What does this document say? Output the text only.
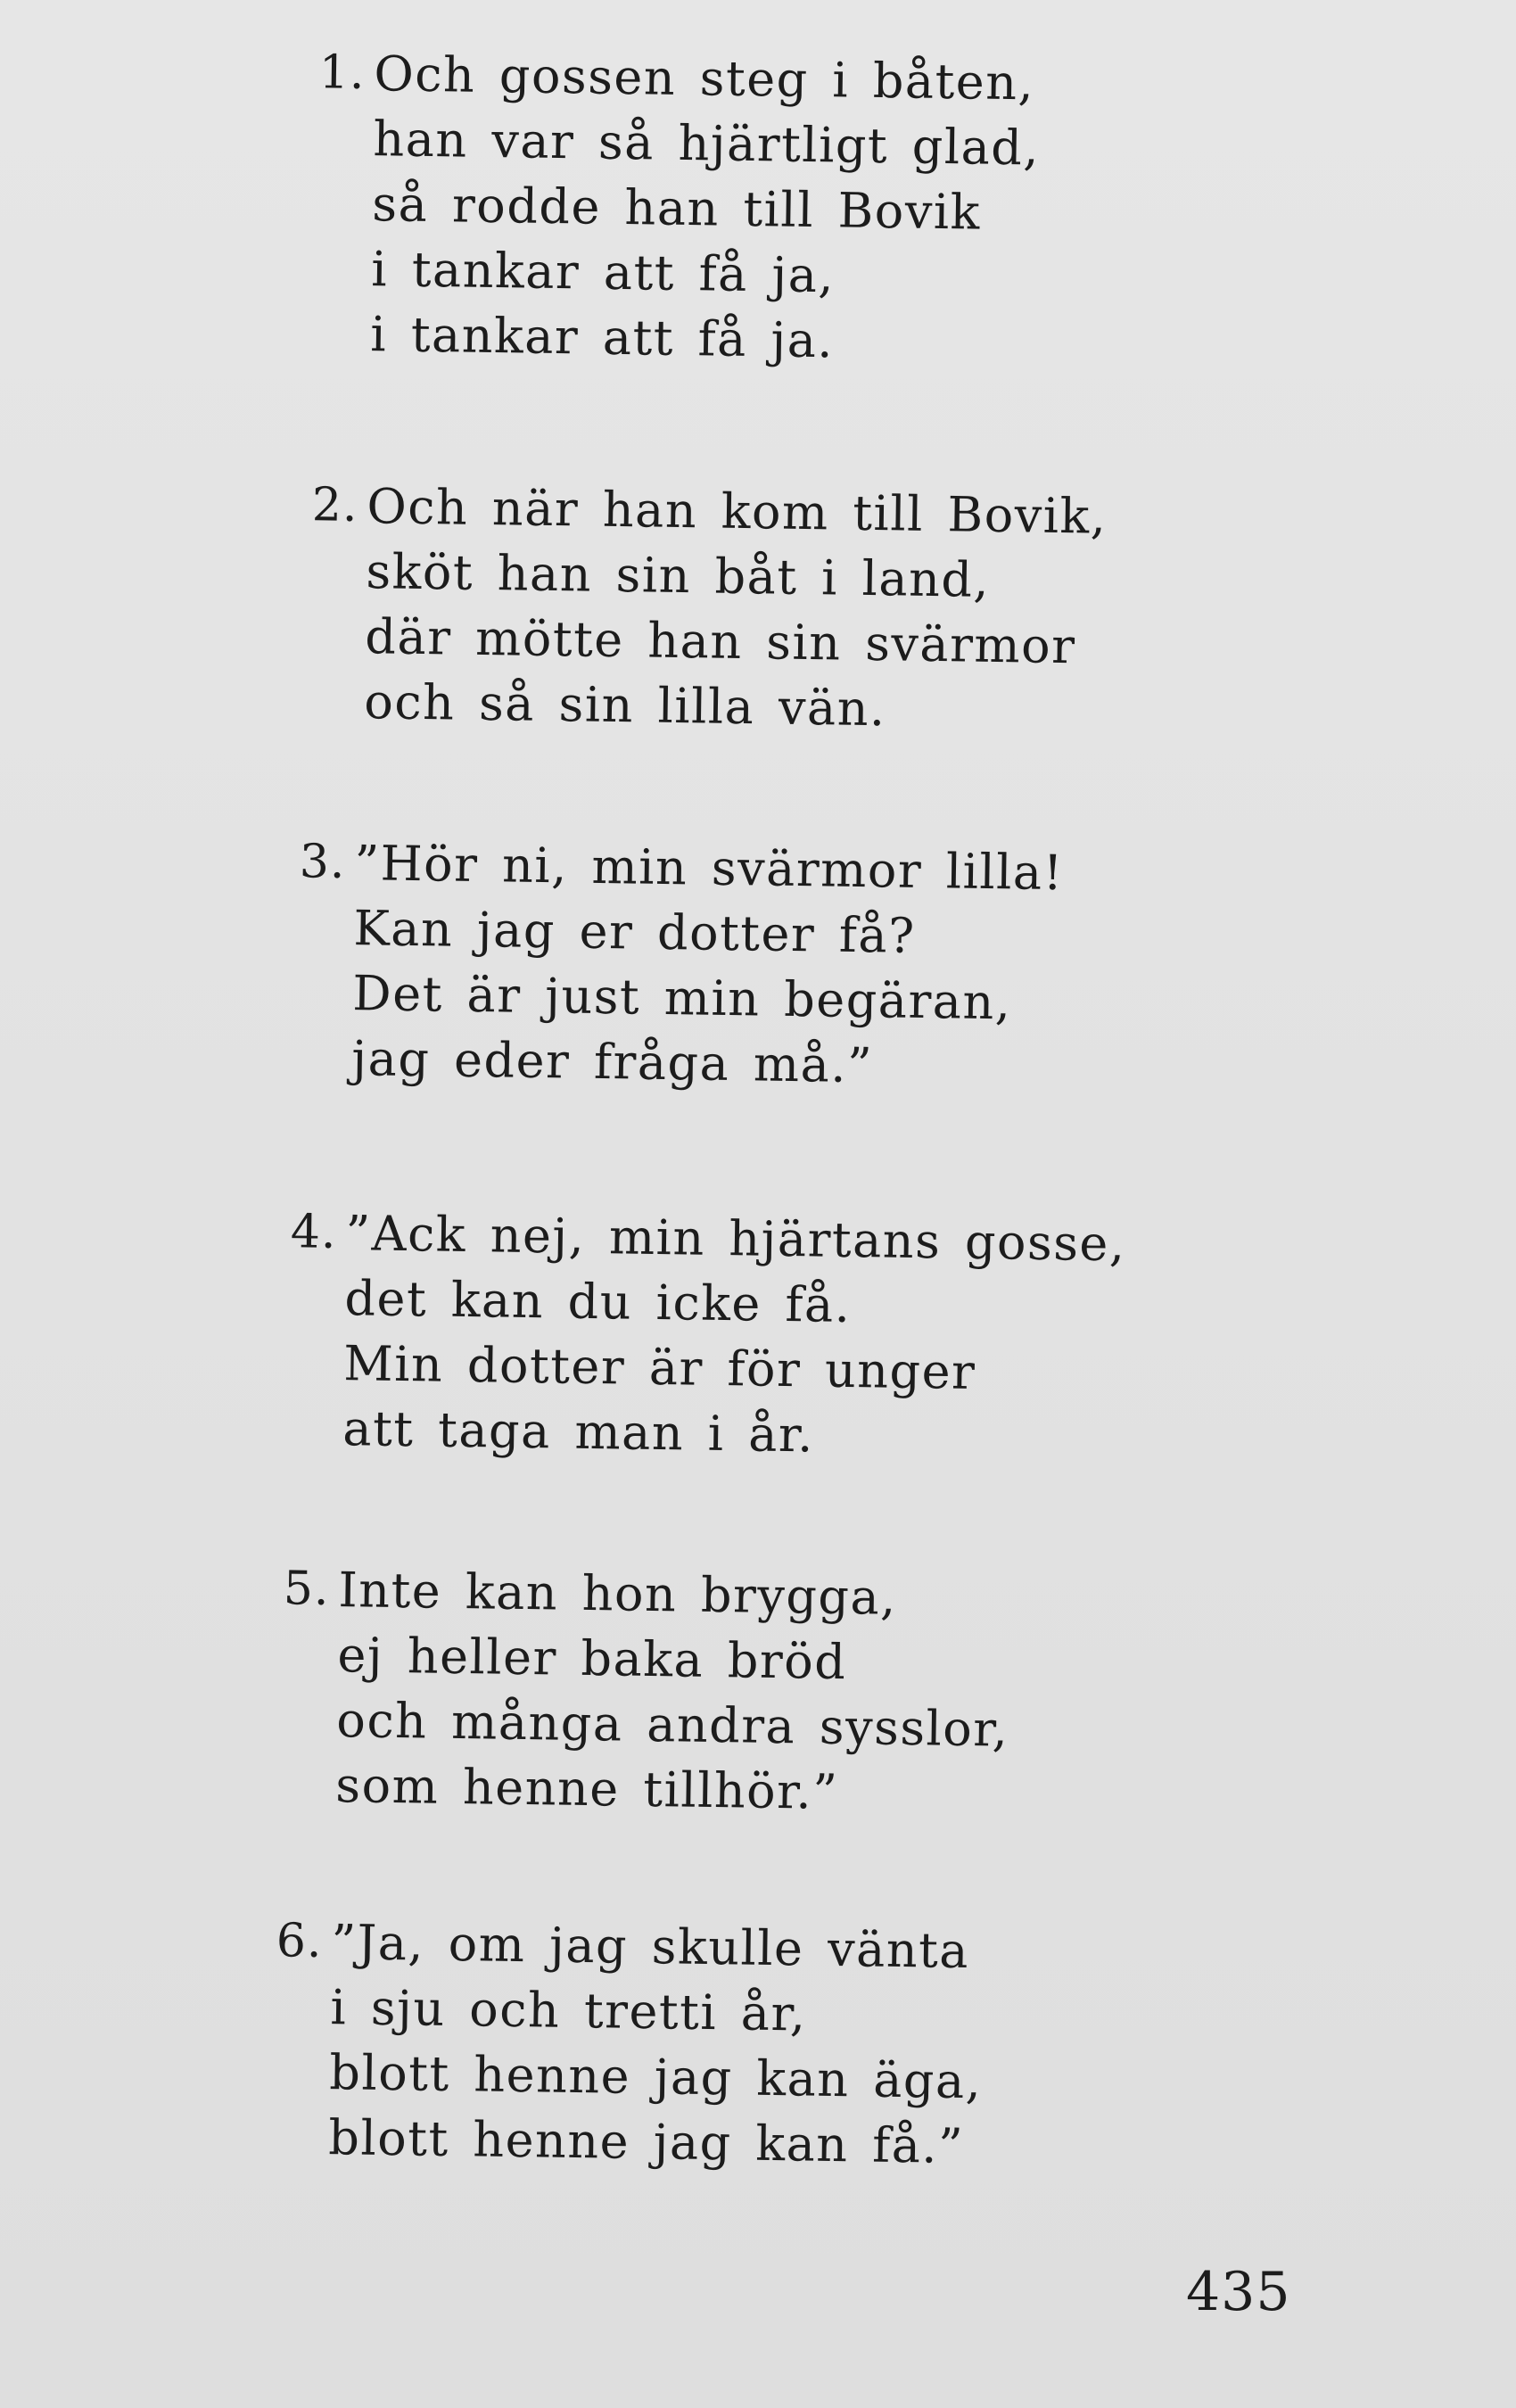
1. Och gossen steg i båten,
han var så hjärtligt glad,
så rodde han till Bovik
i tankar att få ja,
i tankar att få ja.
2. Och när han kom till Bovik,
sköt han sin båt i land,
där mötte han sin svärmor
och så sin lilla vän.
3. ”Hör ni, min svärmor lilla!
Kan jag er dotter få?
Det är just min begäran,
jag eder fråga må.”
4. ”Ack nej, min hjärtans gosse,
det kan du icke få.
Min dotter är för unger
att taga man i år.
5. Inte kan hon brygga,
ej heller baka bröd
och många andra sysslor,
som henne tillhör.”
6. ”Ja, om jag skulle vänta
i sju och tretti år,
blott henne jag kan äga,
blott henne jag kan få.”
435
